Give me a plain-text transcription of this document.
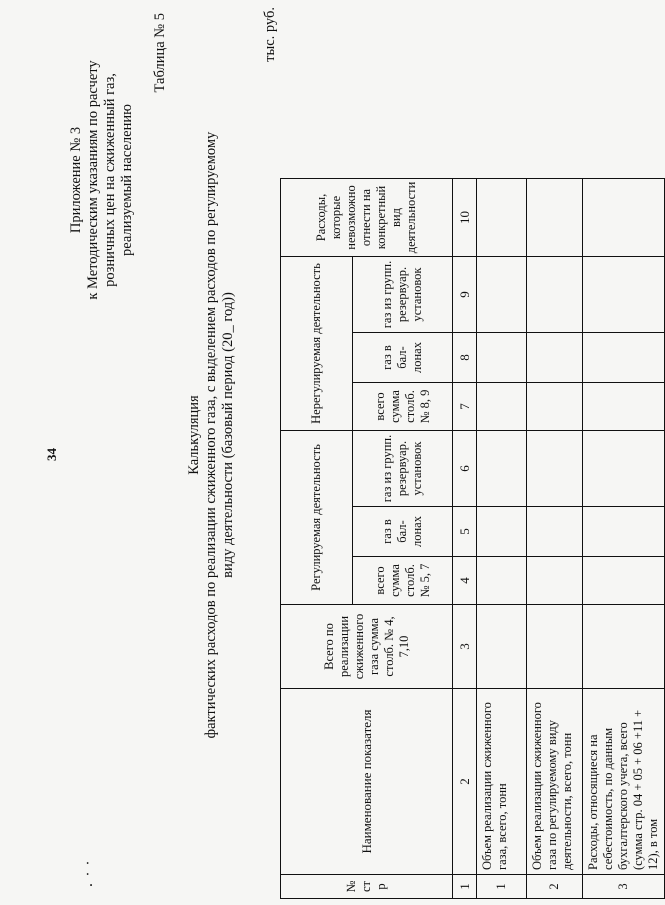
· ˙ ˙
34
Приложение № 3 к Методическим указаниям по расчету розничных цен на сжиженный газ, реализуемый населению
Таблица № 5
Калькуляция фактических расходов по реализации сжиженного газа, с выделением расходов по регулируемому виду деятельности (базовый период (20_ год))
тыс. руб.
№ ст р	Наименование показателя	Всего по реализации сжиженного газа сумма столб. № 4, 7,10	Регулируемая деятельность			Нерегулируемая деятельность			Расходы, которые невозможно отнести на конкретный вид деятельности
			всего сумма столб. № 5, 7	газ в бал-лонах	газ из групп. резервуар. установок	всего сумма столб. № 8, 9	газ в бал-лонах	газ из групп. резервуар. установок	
1	2	3	4	5	6	7	8	9	10
1	Объем реализации сжиженного газа, всего, тонн								
2	Объем реализации сжиженного газа по регулируемому виду деятельности, всего, тонн								
3	Расходы, относящиеся на себестоимость, по данным бухгалтерского учета, всего (сумма стр. 04 + 05 + 06 +11 + 12), в том								
